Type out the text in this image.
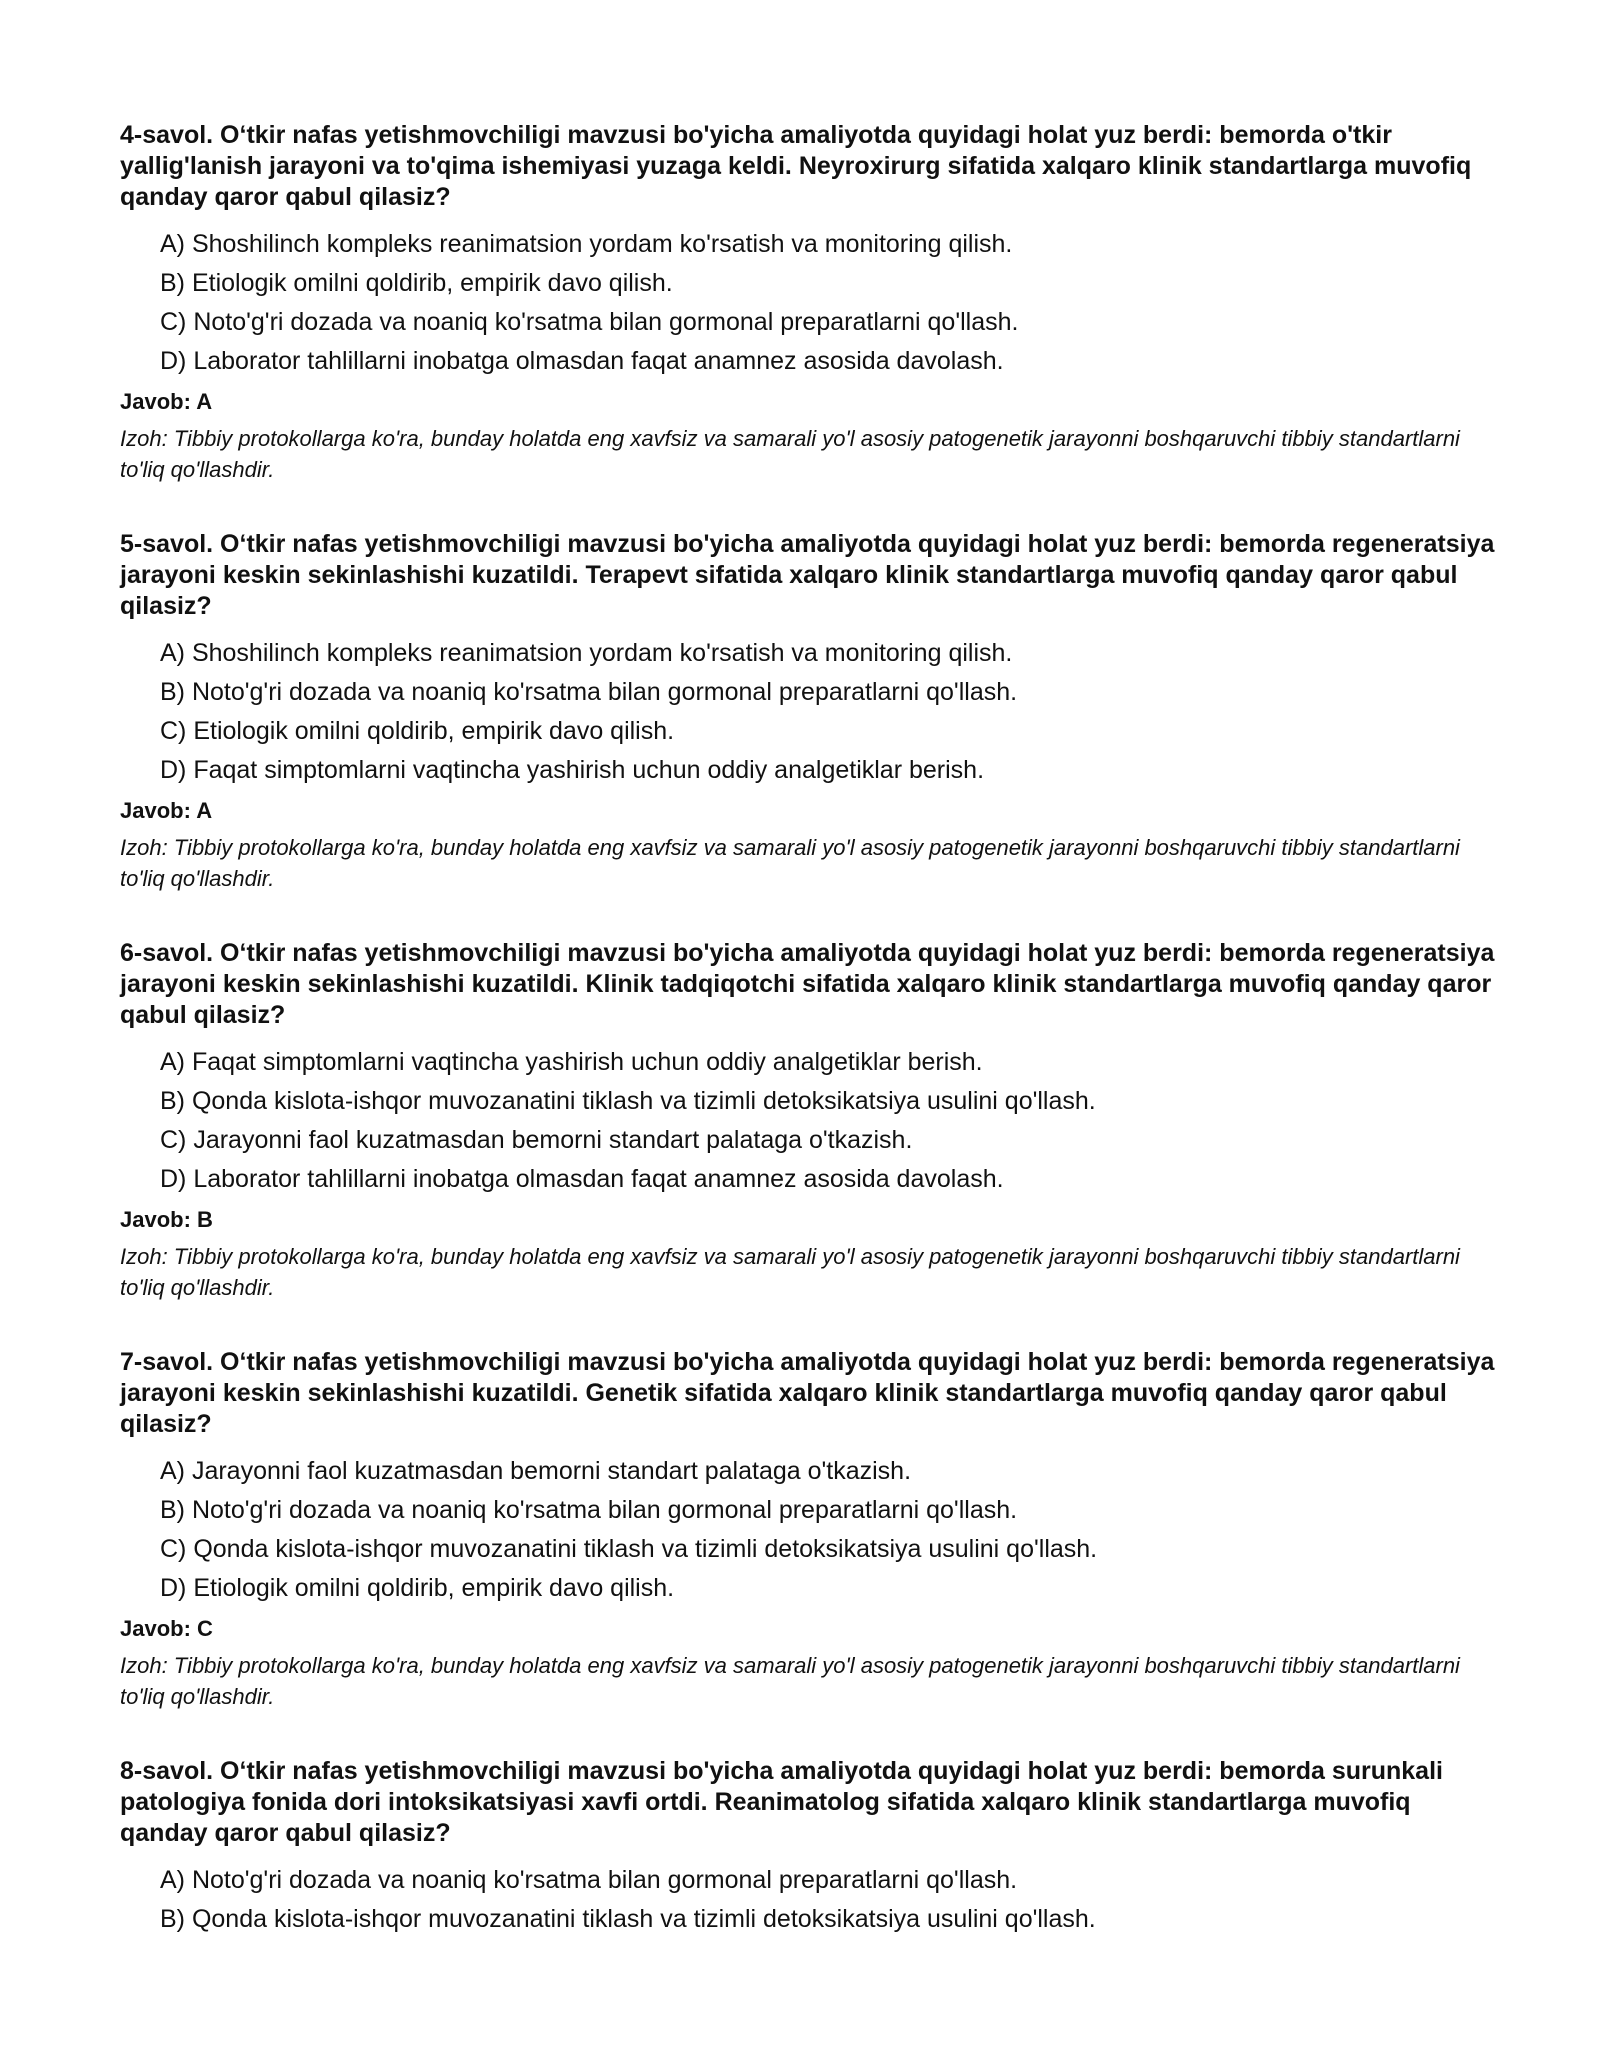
4-savol. O‘tkir nafas yetishmovchiligi mavzusi bo'yicha amaliyotda quyidagi holat yuz berdi: bemorda o'tkir yallig'lanish jarayoni va to'qima ishemiyasi yuzaga keldi. Neyroxirurg sifatida xalqaro klinik standartlarga muvofiq qanday qaror qabul qilasiz?

A) Shoshilinch kompleks reanimatsion yordam ko'rsatish va monitoring qilish.
B) Etiologik omilni qoldirib, empirik davo qilish.
C) Noto'g'ri dozada va noaniq ko'rsatma bilan gormonal preparatlarni qo'llash.
D) Laborator tahlillarni inobatga olmasdan faqat anamnez asosida davolash.

Javob: A

Izoh: Tibbiy protokollarga ko'ra, bunday holatda eng xavfsiz va samarali yo'l asosiy patogenetik jarayonni boshqaruvchi tibbiy standartlarni to'liq qo'llashdir.

5-savol. O‘tkir nafas yetishmovchiligi mavzusi bo'yicha amaliyotda quyidagi holat yuz berdi: bemorda regeneratsiya jarayoni keskin sekinlashishi kuzatildi. Terapevt sifatida xalqaro klinik standartlarga muvofiq qanday qaror qabul qilasiz?

A) Shoshilinch kompleks reanimatsion yordam ko'rsatish va monitoring qilish.
B) Noto'g'ri dozada va noaniq ko'rsatma bilan gormonal preparatlarni qo'llash.
C) Etiologik omilni qoldirib, empirik davo qilish.
D) Faqat simptomlarni vaqtincha yashirish uchun oddiy analgetiklar berish.

Javob: A

Izoh: Tibbiy protokollarga ko'ra, bunday holatda eng xavfsiz va samarali yo'l asosiy patogenetik jarayonni boshqaruvchi tibbiy standartlarni to'liq qo'llashdir.

6-savol. O‘tkir nafas yetishmovchiligi mavzusi bo'yicha amaliyotda quyidagi holat yuz berdi: bemorda regeneratsiya jarayoni keskin sekinlashishi kuzatildi. Klinik tadqiqotchi sifatida xalqaro klinik standartlarga muvofiq qanday qaror qabul qilasiz?

A) Faqat simptomlarni vaqtincha yashirish uchun oddiy analgetiklar berish.
B) Qonda kislota-ishqor muvozanatini tiklash va tizimli detoksikatsiya usulini qo'llash.
C) Jarayonni faol kuzatmasdan bemorni standart palataga o'tkazish.
D) Laborator tahlillarni inobatga olmasdan faqat anamnez asosida davolash.

Javob: B

Izoh: Tibbiy protokollarga ko'ra, bunday holatda eng xavfsiz va samarali yo'l asosiy patogenetik jarayonni boshqaruvchi tibbiy standartlarni to'liq qo'llashdir.

7-savol. O‘tkir nafas yetishmovchiligi mavzusi bo'yicha amaliyotda quyidagi holat yuz berdi: bemorda regeneratsiya jarayoni keskin sekinlashishi kuzatildi. Genetik sifatida xalqaro klinik standartlarga muvofiq qanday qaror qabul qilasiz?

A) Jarayonni faol kuzatmasdan bemorni standart palataga o'tkazish.
B) Noto'g'ri dozada va noaniq ko'rsatma bilan gormonal preparatlarni qo'llash.
C) Qonda kislota-ishqor muvozanatini tiklash va tizimli detoksikatsiya usulini qo'llash.
D) Etiologik omilni qoldirib, empirik davo qilish.

Javob: C

Izoh: Tibbiy protokollarga ko'ra, bunday holatda eng xavfsiz va samarali yo'l asosiy patogenetik jarayonni boshqaruvchi tibbiy standartlarni to'liq qo'llashdir.

8-savol. O‘tkir nafas yetishmovchiligi mavzusi bo'yicha amaliyotda quyidagi holat yuz berdi: bemorda surunkali patologiya fonida dori intoksikatsiyasi xavfi ortdi. Reanimatolog sifatida xalqaro klinik standartlarga muvofiq qanday qaror qabul qilasiz?

A) Noto'g'ri dozada va noaniq ko'rsatma bilan gormonal preparatlarni qo'llash.
B) Qonda kislota-ishqor muvozanatini tiklash va tizimli detoksikatsiya usulini qo'llash.
